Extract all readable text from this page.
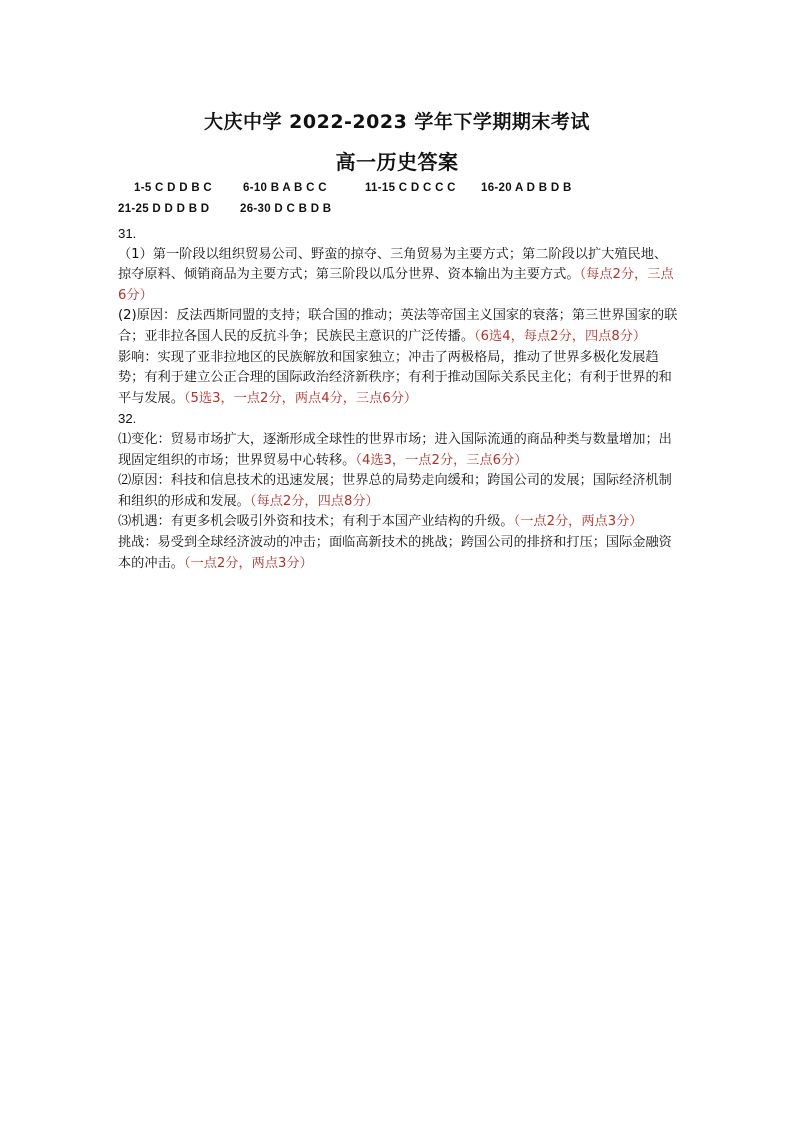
大庆中学 2022-2023 学年下学期期末考试
高一历史答案
1-5 C D D B C	6-10 B A B C C	11-15 C D C C C 16-20 A D B D B
21-25 D D D B D	26-30 D C B D B

31.

（1）第一阶段以组织贸易公司、野蛮的掠夺、三角贸易为主要方式；第二阶段以扩大殖民地、掠夺原料、倾销商品为主要方式；第三阶段以瓜分世界、资本输出为主要方式。（每点2分，三点6分）

(2)原因：反法西斯同盟的支持；联合国的推动；英法等帝国主义国家的衰落；第三世界国家的联合；亚非拉各国人民的反抗斗争；民族民主意识的广泛传播。（6选4，每点2分，四点8分）

影响：实现了亚非拉地区的民族解放和国家独立；冲击了两极格局，推动了世界多极化发展趋势；有利于建立公正合理的国际政治经济新秩序；有利于推动国际关系民主化；有利于世界的和平与发展。（5选3，一点2分，两点4分，三点6分）

32.

⑴变化：贸易市场扩大，逐渐形成全球性的世界市场；进入国际流通的商品种类与数量增加；出现固定组织的市场；世界贸易中心转移。（4选3，一点2分，三点6分）

⑵原因：科技和信息技术的迅速发展；世界总的局势走向缓和；跨国公司的发展；国际经济机制和组织的形成和发展。（每点2分，四点8分）

⑶机遇：有更多机会吸引外资和技术；有利于本国产业结构的升级。（一点2分，两点3分）

挑战：易受到全球经济波动的冲击；面临高新技术的挑战；跨国公司的排挤和打压；国际金融资本的冲击。（一点2分，两点3分）
